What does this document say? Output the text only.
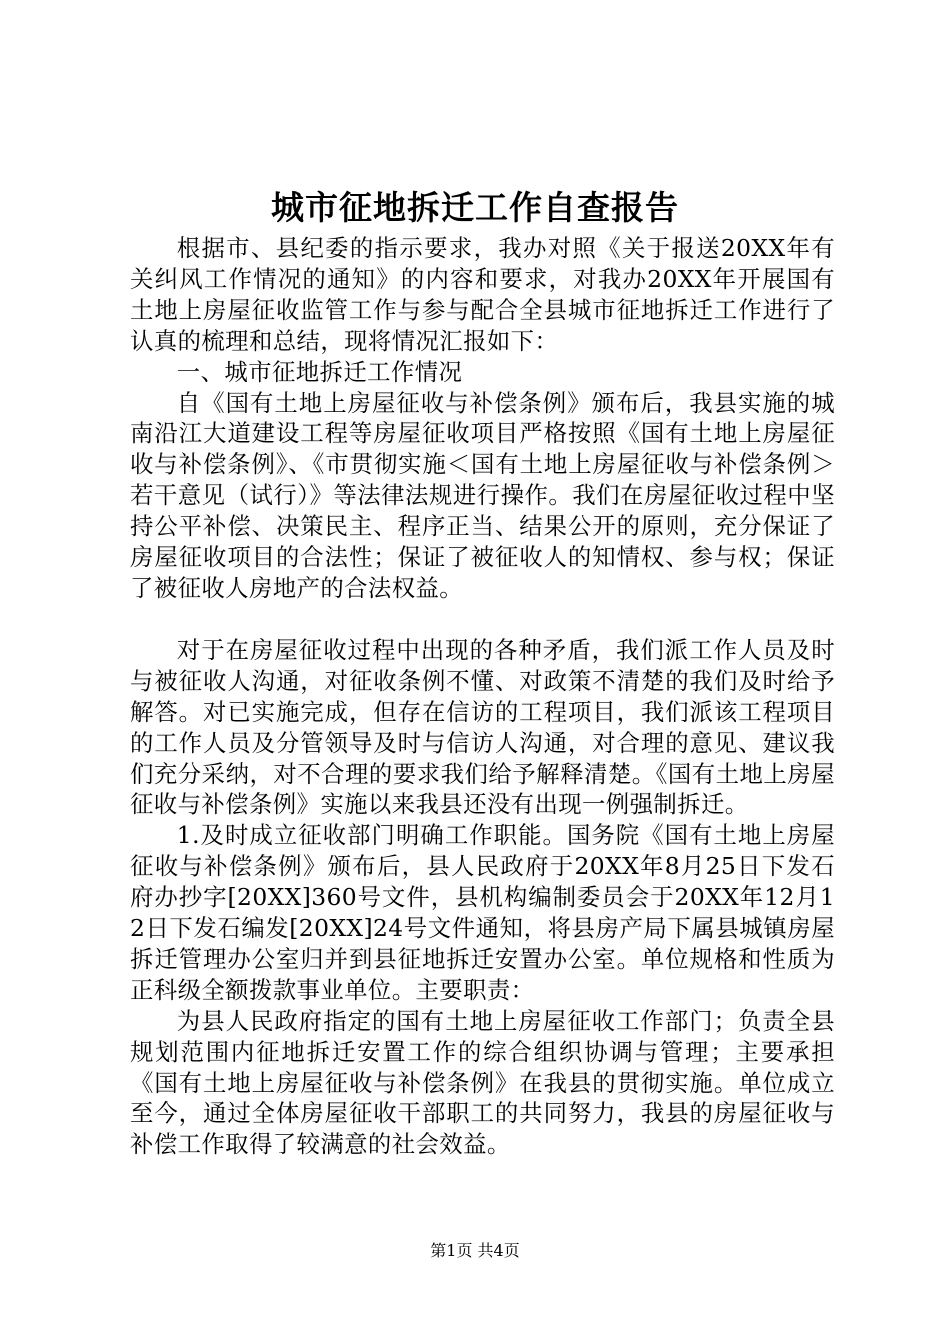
城市征地拆迁工作自查报告

根据市、县纪委的指示要求，我办对照《关于报送20XX年有关纠风工作情况的通知》的内容和要求，对我办20XX年开展国有土地上房屋征收监管工作与参与配合全县城市征地拆迁工作进行了认真的梳理和总结，现将情况汇报如下：

一、城市征地拆迁工作情况

自《国有土地上房屋征收与补偿条例》颁布后，我县实施的城南沿江大道建设工程等房屋征收项目严格按照《国有土地上房屋征收与补偿条例》、《市贯彻实施＜国有土地上房屋征收与补偿条例＞若干意见（试行）》等法律法规进行操作。我们在房屋征收过程中坚持公平补偿、决策民主、程序正当、结果公开的原则，充分保证了房屋征收项目的合法性；保证了被征收人的知情权、参与权；保证了被征收人房地产的合法权益。

对于在房屋征收过程中出现的各种矛盾，我们派工作人员及时与被征收人沟通，对征收条例不懂、对政策不清楚的我们及时给予解答。对已实施完成，但存在信访的工程项目，我们派该工程项目的工作人员及分管领导及时与信访人沟通，对合理的意见、建议我们充分采纳，对不合理的要求我们给予解释清楚。《国有土地上房屋征收与补偿条例》实施以来我县还没有出现一例强制拆迁。

1.及时成立征收部门明确工作职能。国务院《国有土地上房屋征收与补偿条例》颁布后，县人民政府于20XX年8月25日下发石府办抄字[20XX]360号文件，县机构编制委员会于20XX年12月12日下发石编发[20XX]24号文件通知，将县房产局下属县城镇房屋拆迁管理办公室归并到县征地拆迁安置办公室。单位规格和性质为正科级全额拨款事业单位。主要职责：

为县人民政府指定的国有土地上房屋征收工作部门；负责全县规划范围内征地拆迁安置工作的综合组织协调与管理；主要承担《国有土地上房屋征收与补偿条例》在我县的贯彻实施。单位成立至今，通过全体房屋征收干部职工的共同努力，我县的房屋征收与补偿工作取得了较满意的社会效益。

第1页 共4页
